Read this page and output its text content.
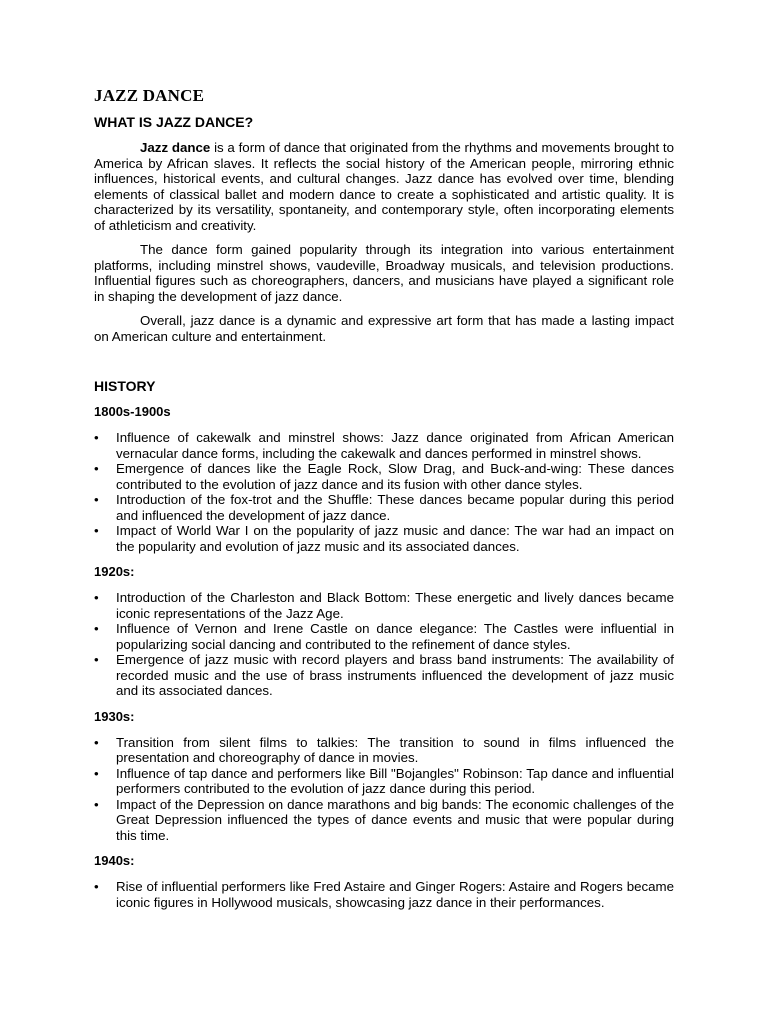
JAZZ DANCE
WHAT IS JAZZ DANCE?

Jazz dance is a form of dance that originated from the rhythms and movements brought to America by African slaves. It reflects the social history of the American people, mirroring ethnic influences, historical events, and cultural changes. Jazz dance has evolved over time, blending elements of classical ballet and modern dance to create a sophisticated and artistic quality. It is characterized by its versatility, spontaneity, and contemporary style, often incorporating elements of athleticism and creativity.

The dance form gained popularity through its integration into various entertainment platforms, including minstrel shows, vaudeville, Broadway musicals, and television productions. Influential figures such as choreographers, dancers, and musicians have played a significant role in shaping the development of jazz dance.

Overall, jazz dance is a dynamic and expressive art form that has made a lasting impact on American culture and entertainment.

HISTORY
1800s-1900s
•	Influence of cakewalk and minstrel shows: Jazz dance originated from African American vernacular dance forms, including the cakewalk and dances performed in minstrel shows.
•	Emergence of dances like the Eagle Rock, Slow Drag, and Buck-and-wing: These dances contributed to the evolution of jazz dance and its fusion with other dance styles.
•	Introduction of the fox-trot and the Shuffle: These dances became popular during this period and influenced the development of jazz dance.
•	Impact of World War I on the popularity of jazz music and dance: The war had an impact on the popularity and evolution of jazz music and its associated dances.
1920s:
•	Introduction of the Charleston and Black Bottom: These energetic and lively dances became iconic representations of the Jazz Age.
•	Influence of Vernon and Irene Castle on dance elegance: The Castles were influential in popularizing social dancing and contributed to the refinement of dance styles.
•	Emergence of jazz music with record players and brass band instruments: The availability of recorded music and the use of brass instruments influenced the development of jazz music and its associated dances.
1930s:
•	Transition from silent films to talkies: The transition to sound in films influenced the presentation and choreography of dance in movies.
•	Influence of tap dance and performers like Bill "Bojangles" Robinson: Tap dance and influential performers contributed to the evolution of jazz dance during this period.
•	Impact of the Depression on dance marathons and big bands: The economic challenges of the Great Depression influenced the types of dance events and music that were popular during this time.
1940s:
•	Rise of influential performers like Fred Astaire and Ginger Rogers: Astaire and Rogers became iconic figures in Hollywood musicals, showcasing jazz dance in their performances.
